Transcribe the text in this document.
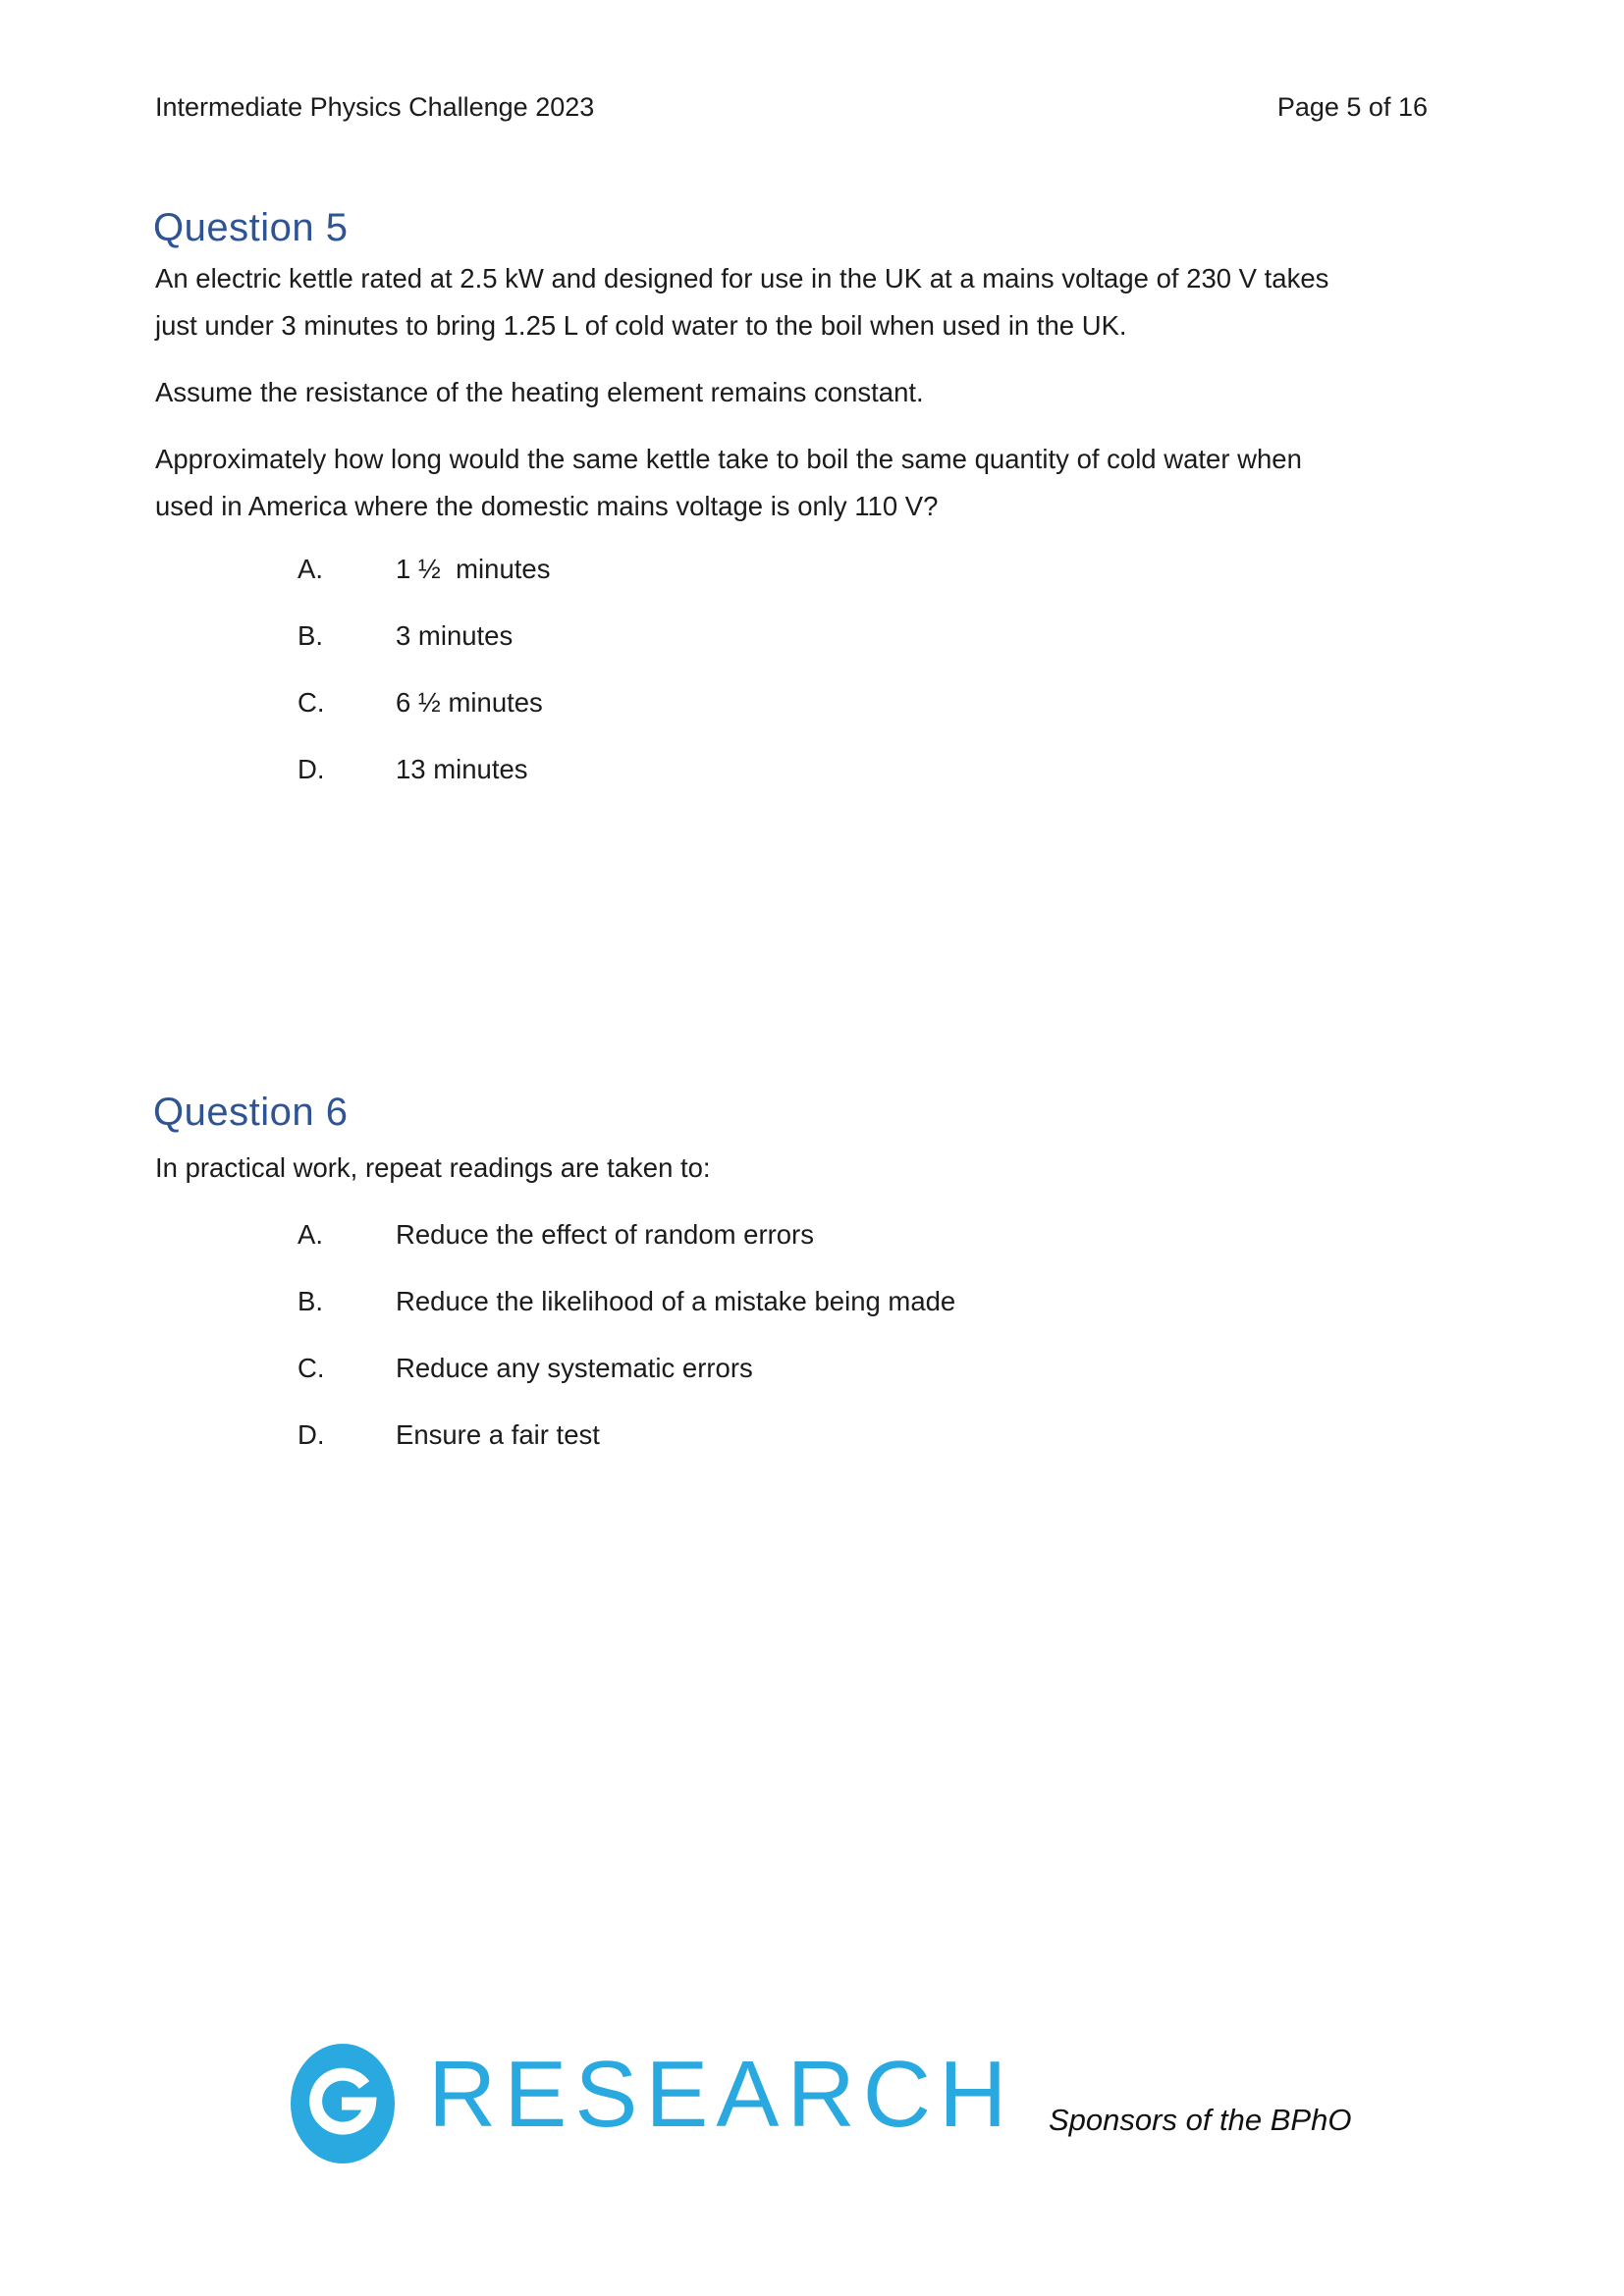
Intermediate Physics Challenge 2023	Page 5 of 16
Question 5
An electric kettle rated at 2.5 kW and designed for use in the UK at a mains voltage of 230 V takes
just under 3 minutes to bring 1.25 L of cold water to the boil when used in the UK.
Assume the resistance of the heating element remains constant.
Approximately how long would the same kettle take to boil the same quantity of cold water when
used in America where the domestic mains voltage is only 110 V?
A.	1 ½  minutes
B.	3 minutes
C.	6 ½ minutes
D.	13 minutes
Question 6
In practical work, repeat readings are taken to:
A.	Reduce the effect of random errors
B.	Reduce the likelihood of a mistake being made
C.	Reduce any systematic errors
D.	Ensure a fair test
RESEARCH Sponsors of the BPhO
